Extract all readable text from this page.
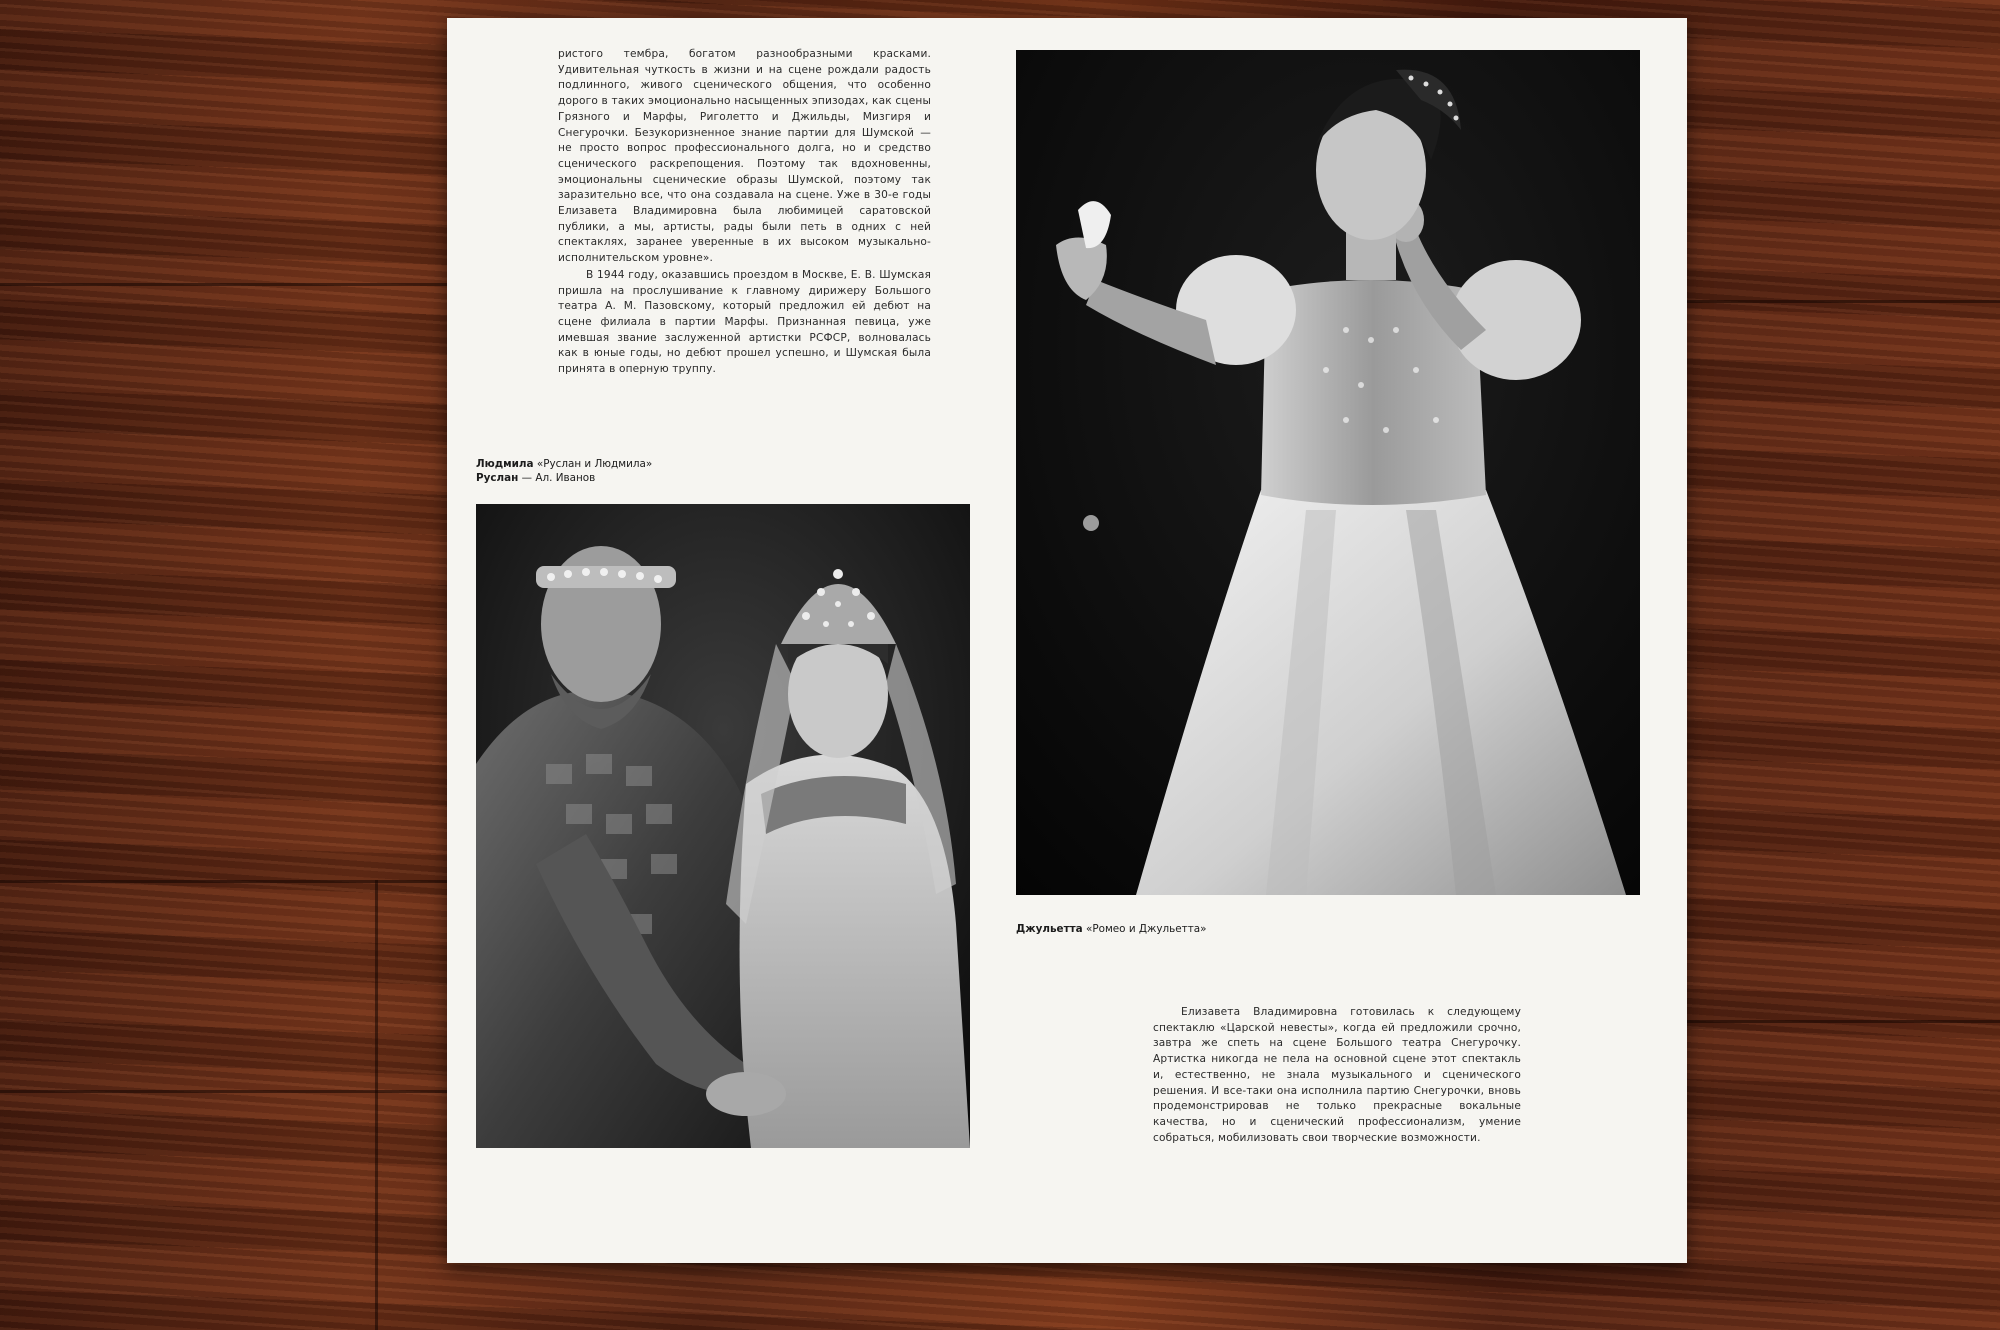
ристого тембра, богатом разнообразными красками. Удивительная чуткость в жизни и на сцене рождали радость подлинного, живого сценического общения, что особенно дорого в таких эмоционально насыщенных эпизодах, как сцены Грязного и Марфы, Риголетто и Джильды, Мизгиря и Снегурочки. Безукоризненное знание партии для Шумской — не просто вопрос профессионального долга, но и средство сценического раскрепощения. Поэтому так вдохновенны, эмоциональны сценические образы Шумской, поэтому так заразительно все, что она создавала на сцене. Уже в 30-е годы Елизавета Владимировна была любимицей саратовской публики, а мы, артисты, рады были петь в одних с ней спектаклях, заранее уверенные в их высоком музыкально-исполнительском уровне».

В 1944 году, оказавшись проездом в Москве, Е. В. Шумская пришла на прослушивание к главному дирижеру Большого театра А. М. Пазовскому, который предложил ей дебют на сцене филиала в партии Марфы. Признанная певица, уже имевшая звание заслуженной артистки РСФСР, волновалась как в юные годы, но дебют прошел успешно, и Шумская была принята в оперную труппу.

Людмила «Руслан и Людмила»
Руслан — Ал. Иванов
Джульетта «Ромео и Джульетта»

Елизавета Владимировна готовилась к следующему спектаклю «Царской невесты», когда ей предложили срочно, завтра же спеть на сцене Большого театра Снегурочку. Артистка никогда не пела на основной сцене этот спектакль и, естественно, не знала музыкального и сценического решения. И все-таки она исполнила партию Снегурочки, вновь продемонстрировав не только прекрасные вокальные качества, но и сценический профессионализм, умение собраться, мобилизовать свои творческие возможности.
